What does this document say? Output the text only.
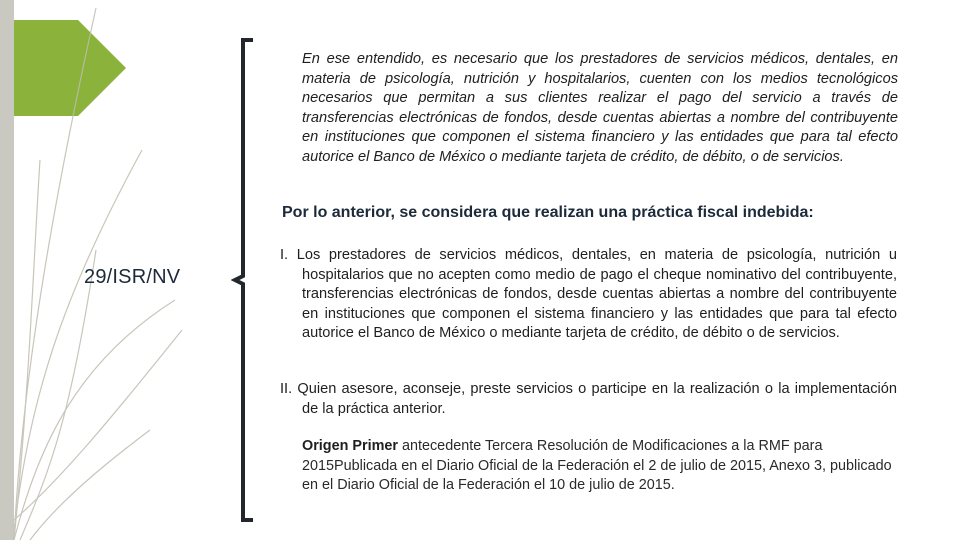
29/ISR/NV
En ese entendido, es necesario que los prestadores de servicios médicos, dentales, en materia de psicología, nutrición y hospitalarios, cuenten con los medios tecnológicos necesarios que permitan a sus clientes realizar el pago del servicio a través de transferencias electrónicas de fondos, desde cuentas abiertas a nombre del contribuyente en instituciones que componen el sistema financiero y las entidades que para tal efecto autorice el Banco de México o mediante tarjeta de crédito, de débito, o de servicios.
Por lo anterior, se considera que realizan una práctica fiscal indebida:
I. Los prestadores de servicios médicos, dentales, en materia de psicología, nutrición u hospitalarios que no acepten como medio de pago el cheque nominativo del contribuyente, transferencias electrónicas de fondos, desde cuentas abiertas a nombre del contribuyente en instituciones que componen el sistema financiero y las entidades que para tal efecto autorice el Banco de México o mediante tarjeta de crédito, de débito o de servicios.
II. Quien asesore, aconseje, preste servicios o participe en la realización o la implementación de la práctica anterior.
Origen Primer antecedente Tercera Resolución de Modificaciones a la RMF para 2015Publicada en el Diario Oficial de la Federación el 2 de julio de 2015, Anexo 3, publicado en el Diario Oficial de la Federación el 10 de julio de 2015.
